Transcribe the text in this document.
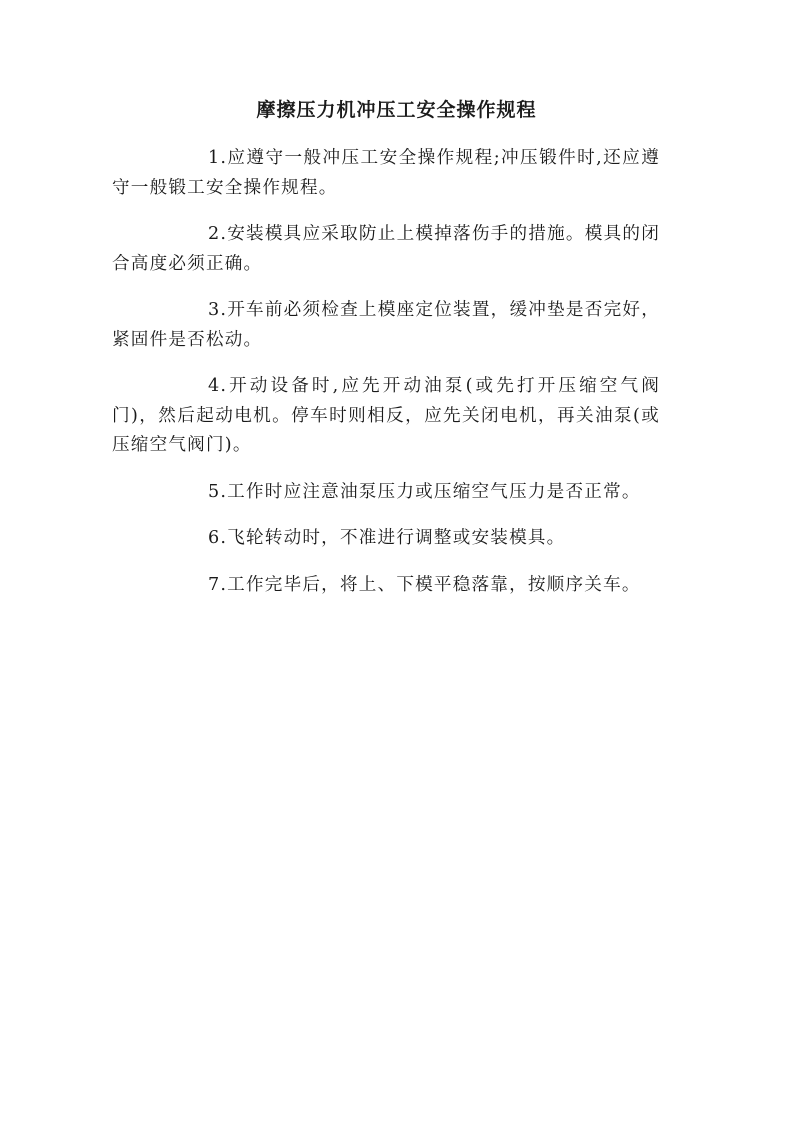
摩擦压力机冲压工安全操作规程
1.应遵守一般冲压工安全操作规程;冲压锻件时,还应遵守一般锻工安全操作规程。
2.安装模具应采取防止上模掉落伤手的措施。模具的闭合高度必须正确。
3.开车前必须检查上模座定位装置，缓冲垫是否完好，紧固件是否松动。
4.开动设备时,应先开动油泵(或先打开压缩空气阀门)，然后起动电机。停车时则相反，应先关闭电机，再关油泵(或压缩空气阀门)。
5.工作时应注意油泵压力或压缩空气压力是否正常。
6.飞轮转动时，不准进行调整或安装模具。
7.工作完毕后，将上、下模平稳落靠，按顺序关车。
